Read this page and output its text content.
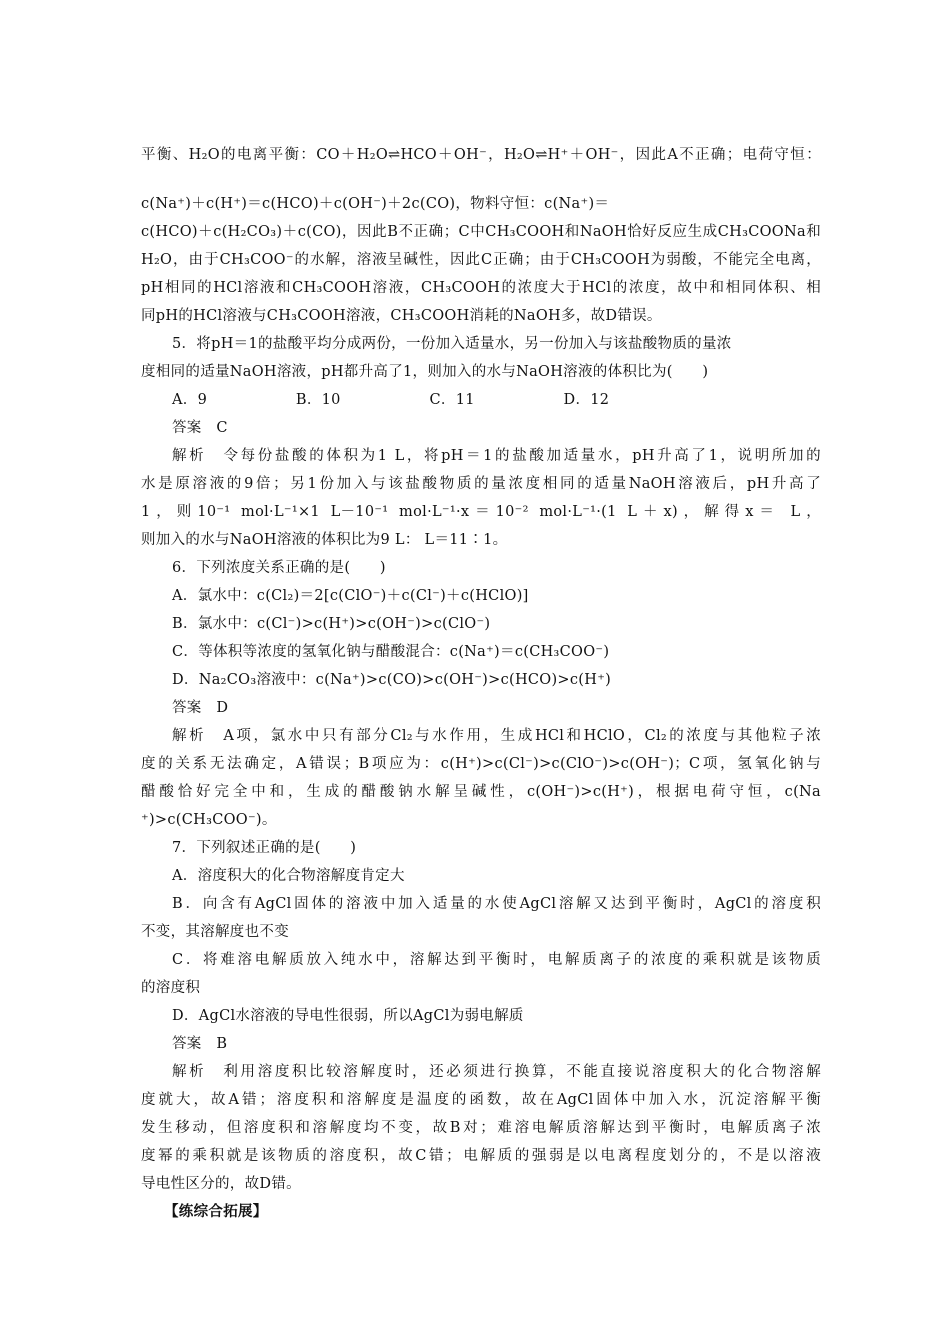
平衡、H₂O的电离平衡：CO＋H₂O⇌HCO＋OH⁻，H₂O⇌H⁺＋OH⁻，因此A不正确；电荷守恒：
c(Na⁺)＋c(H⁺)＝c(HCO)＋c(OH⁻)＋2c(CO)，物料守恒：c(Na⁺)＝
c(HCO)＋c(H₂CO₃)＋c(CO)，因此B不正确；C中CH₃COOH和NaOH恰好反应生成CH₃COONa和
H₂O，由于CH₃COO⁻的水解，溶液呈碱性，因此C正确；由于CH₃COOH为弱酸，不能完全电离，
pH相同的HCl溶液和CH₃COOH溶液，CH₃COOH的浓度大于HCl的浓度，故中和相同体积、相
同pH的HCl溶液与CH₃COOH溶液，CH₃COOH消耗的NaOH多，故D错误。
5．将pH＝1的盐酸平均分成两份，一份加入适量水，另一份加入与该盐酸物质的量浓
度相同的适量NaOH溶液，pH都升高了1，则加入的水与NaOH溶液的体积比为(　　)
A．9　　　　　　B．10　　　　　　C．11　　　　　　D．12
答案　C
解析　令每份盐酸的体积为1 L，将pH＝1的盐酸加适量水，pH升高了1，说明所加的
水是原溶液的9倍；另1份加入与该盐酸物质的量浓度相同的适量NaOH溶液后，pH升高了
1，则10⁻¹ mol·L⁻¹×1 L－10⁻¹ mol·L⁻¹·x＝10⁻² mol·L⁻¹·(1 L＋x)，解得x＝ L，
则加入的水与NaOH溶液的体积比为9 L： L＝11∶1。
6．下列浓度关系正确的是(　　)
A．氯水中：c(Cl₂)＝2[c(ClO⁻)＋c(Cl⁻)＋c(HClO)]
B．氯水中：c(Cl⁻)>c(H⁺)>c(OH⁻)>c(ClO⁻)
C．等体积等浓度的氢氧化钠与醋酸混合：c(Na⁺)＝c(CH₃COO⁻)
D．Na₂CO₃溶液中：c(Na⁺)>c(CO)>c(OH⁻)>c(HCO)>c(H⁺)
答案　D
解析　A项，氯水中只有部分Cl₂与水作用，生成HCl和HClO，Cl₂的浓度与其他粒子浓
度的关系无法确定，A错误；B项应为：c(H⁺)>c(Cl⁻)>c(ClO⁻)>c(OH⁻)；C项，氢氧化钠与
醋酸恰好完全中和，生成的醋酸钠水解呈碱性，c(OH⁻)>c(H⁺)，根据电荷守恒，c(Na
⁺)>c(CH₃COO⁻)。
7．下列叙述正确的是(　　)
A．溶度积大的化合物溶解度肯定大
B．向含有AgCl固体的溶液中加入适量的水使AgCl溶解又达到平衡时，AgCl的溶度积
不变，其溶解度也不变
C．将难溶电解质放入纯水中，溶解达到平衡时，电解质离子的浓度的乘积就是该物质
的溶度积
D．AgCl水溶液的导电性很弱，所以AgCl为弱电解质
答案　B
解析　利用溶度积比较溶解度时，还必须进行换算，不能直接说溶度积大的化合物溶解
度就大，故A错；溶度积和溶解度是温度的函数，故在AgCl固体中加入水，沉淀溶解平衡
发生移动，但溶度积和溶解度均不变，故B对；难溶电解质溶解达到平衡时，电解质离子浓
度幂的乘积就是该物质的溶度积，故C错；电解质的强弱是以电离程度划分的，不是以溶液
导电性区分的，故D错。
【练综合拓展】
